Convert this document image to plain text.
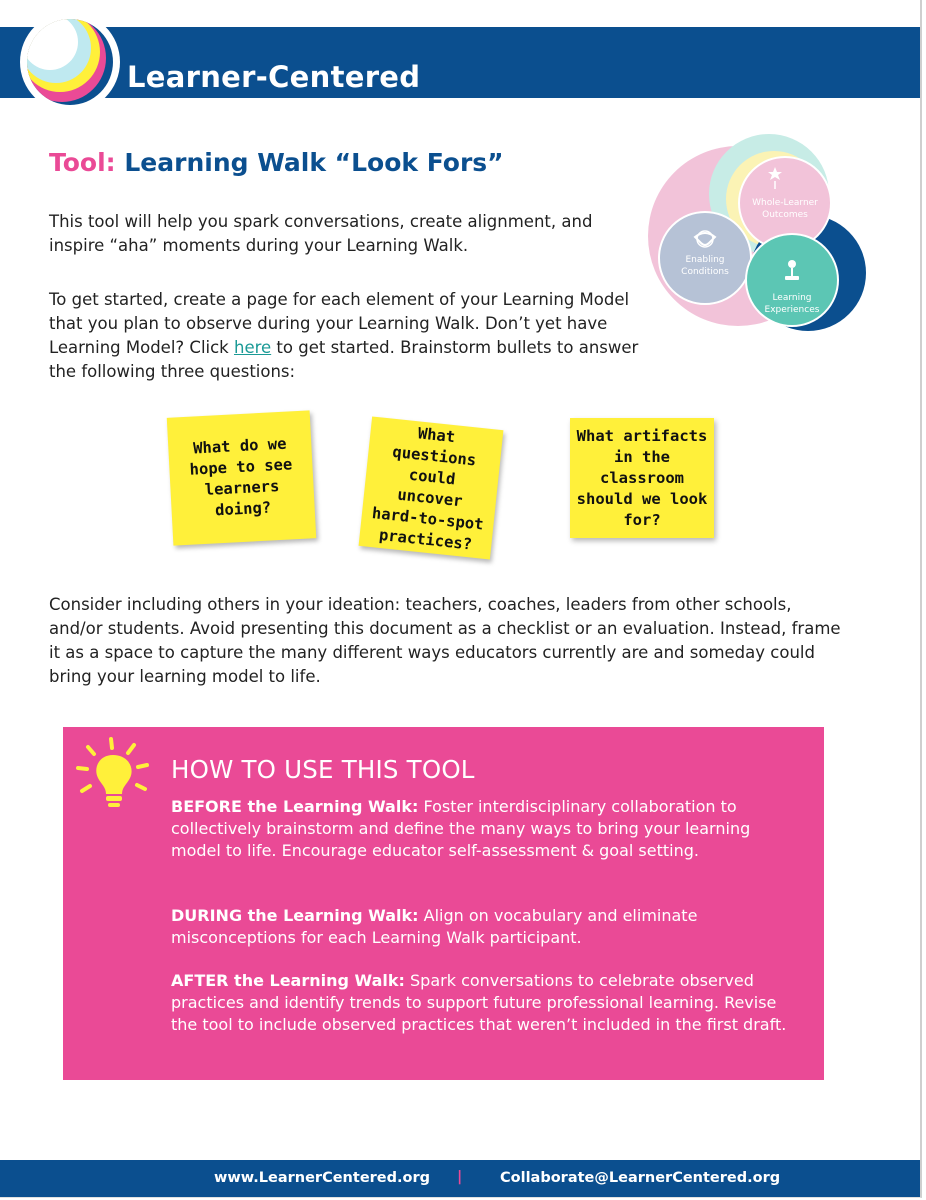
Learner-Centered
COLLABORATIVE
Tool: Learning Walk “Look Fors”

This tool will help you spark conversations, create alignment, and inspire “aha” moments during your Learning Walk.

To get started, create a page for each element of your Learning Model that you plan to observe during your Learning Walk. Don’t yet have Learning Model? Click here to get started. Brainstorm bullets to answer the following three questions:

Whole-Learner
Outcomes
Enabling
Conditions
Learning
Experiences
What do we hope to see learners doing?
What questions could uncover hard-to-spot practices?
What artifacts in the classroom should we look for?

Consider including others in your ideation: teachers, coaches, leaders from other schools, and/or students. Avoid presenting this document as a checklist or an evaluation. Instead, frame it as a space to capture the many different ways educators currently are and someday could bring your learning model to life.

HOW TO USE THIS TOOL
BEFORE the Learning Walk: Foster interdisciplinary collaboration to collectively brainstorm and define the many ways to bring your learning model to life. Encourage educator self-assessment & goal setting.
DURING the Learning Walk: Align on vocabulary and eliminate misconceptions for each Learning Walk participant.
AFTER the Learning Walk: Spark conversations to celebrate observed practices and identify trends to support future professional learning. Revise the tool to include observed practices that weren’t included in the first draft.
www.LearnerCentered.org |	Collaborate@LearnerCentered.org
